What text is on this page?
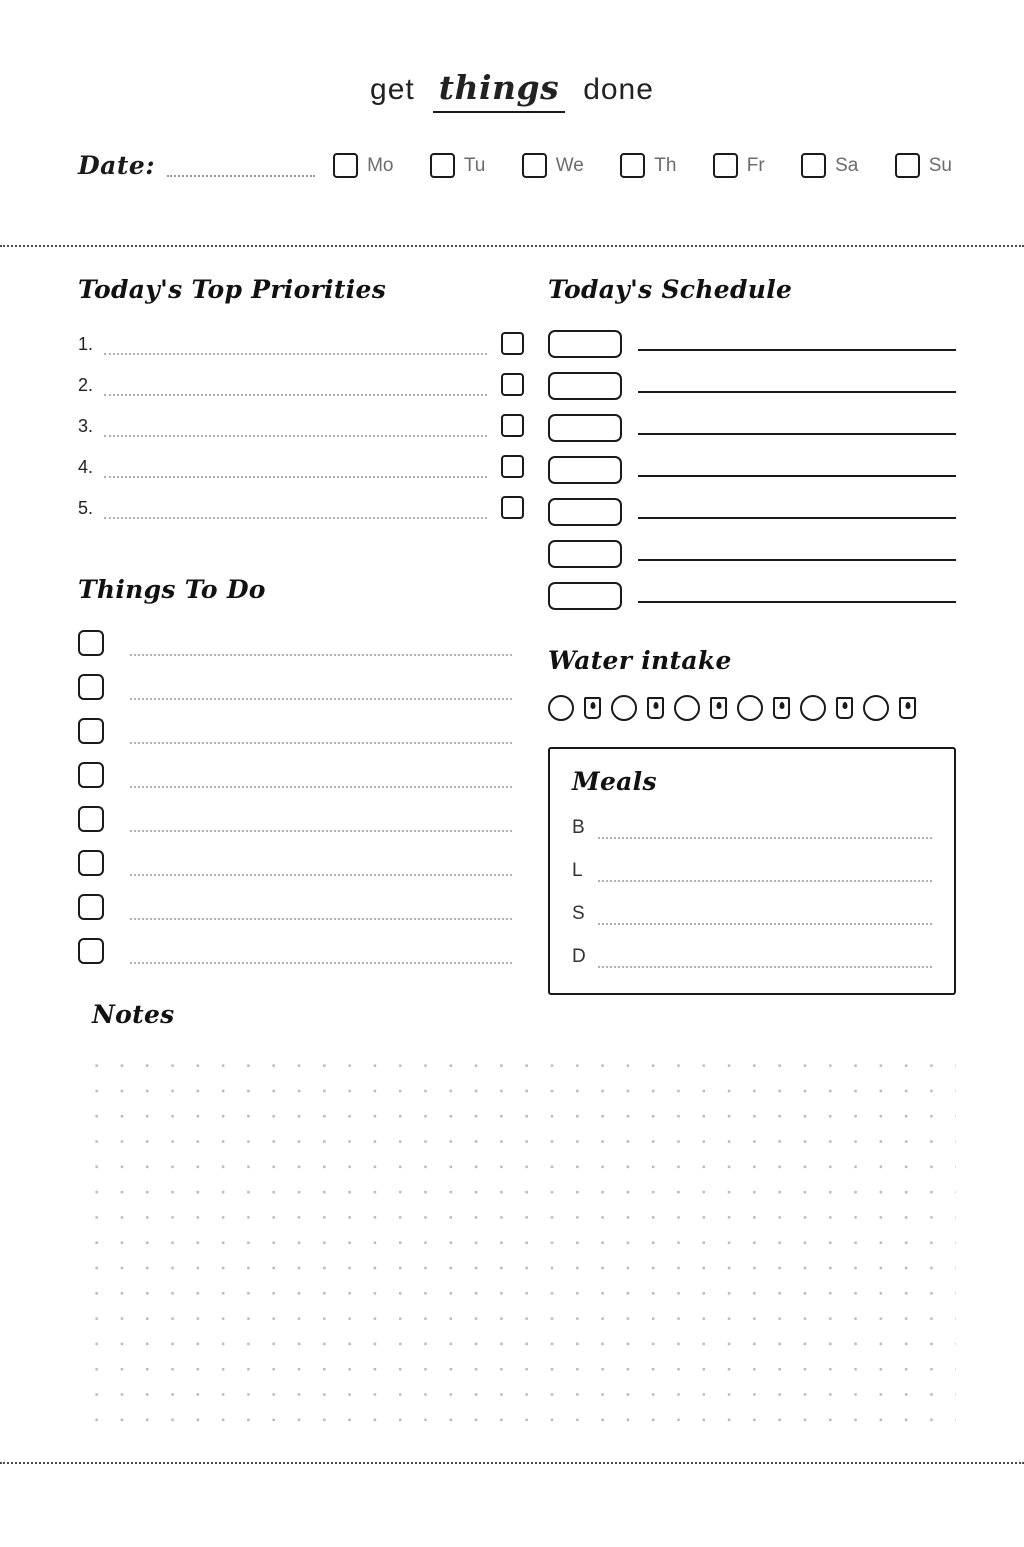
get things done
Date:	Mo	Tu	We	Th	Fr	Sa	Su
Today's Top Priorities
1.
2.
3.
4.
5.
Things To Do
Today's Schedule
Water intake
Meals
B
L
S
D
Notes
